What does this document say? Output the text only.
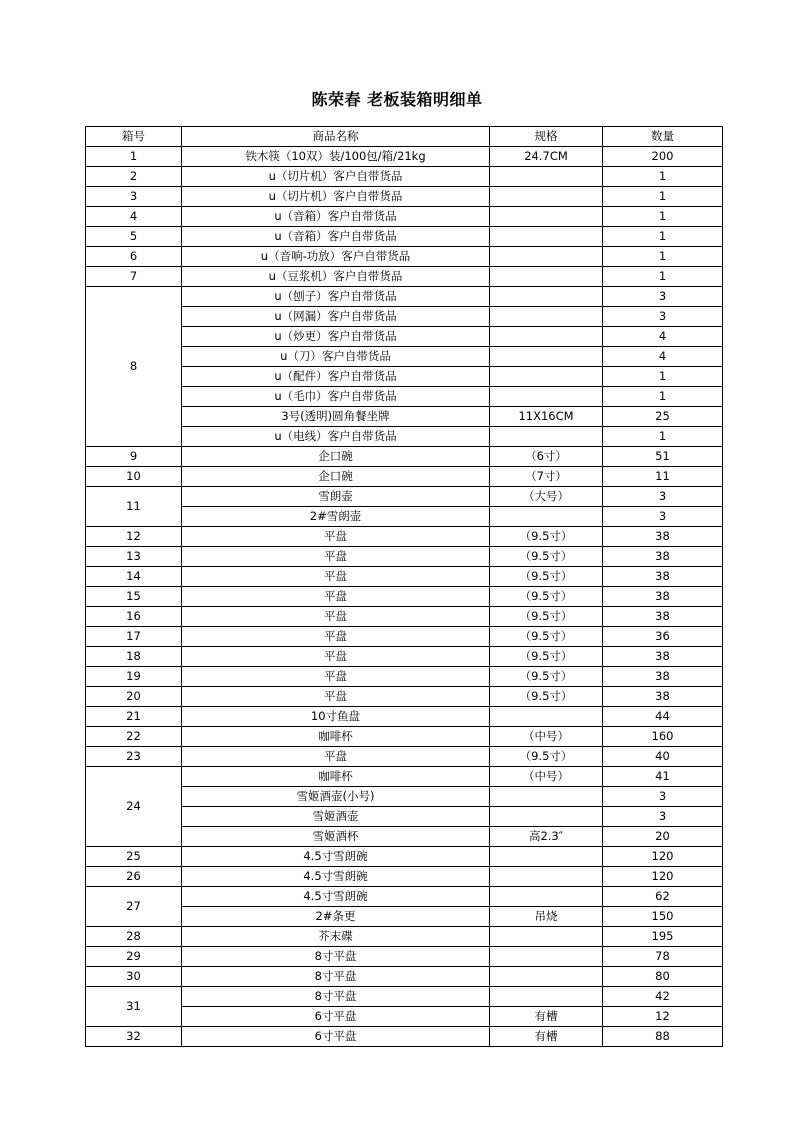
陈荣春 老板装箱明细单
箱号	商品名称	规格	数量
1	铁木筷（10双）装/100包/箱/21kg	24.7CM	200
2	u（切片机）客户自带货品		1
3	u（切片机）客户自带货品		1
4	u（音箱）客户自带货品		1
5	u（音箱）客户自带货品		1
6	u（音响-功放）客户自带货品		1
7	u（豆浆机）客户自带货品		1
8	u（刨子）客户自带货品		3
	u（网漏）客户自带货品		3
	u（炒更）客户自带货品		4
	u（刀）客户自带货品		4
	u（配件）客户自带货品		1
	u（毛巾）客户自带货品		1
	3号(透明)圆角餐坐牌	11X16CM	25
	u（电线）客户自带货品		1
9	企口碗	（6寸）	51
10	企口碗	（7寸）	11
11	雪朗壶	（大号）	3
	2#雪朗壶		3
12	平盘	（9.5寸）	38
13	平盘	（9.5寸）	38
14	平盘	（9.5寸）	38
15	平盘	（9.5寸）	38
16	平盘	（9.5寸）	38
17	平盘	（9.5寸）	36
18	平盘	（9.5寸）	38
19	平盘	（9.5寸）	38
20	平盘	（9.5寸）	38
21	10寸鱼盘		44
22	咖啡杯	（中号）	160
23	平盘	（9.5寸）	40
24	咖啡杯	（中号）	41
	雪姬酒壶(小号)		3
	雪姬酒壶		3
	雪姬酒杯	高2.3″	20
25	4.5寸雪朗碗		120
26	4.5寸雪朗碗		120
27	4.5寸雪朗碗		62
	2#条更	吊烧	150
28	芥末碟		195
29	8寸平盘		78
30	8寸平盘		80
31	8寸平盘		42
	6寸平盘	有槽	12
32	6寸平盘	有槽	88
